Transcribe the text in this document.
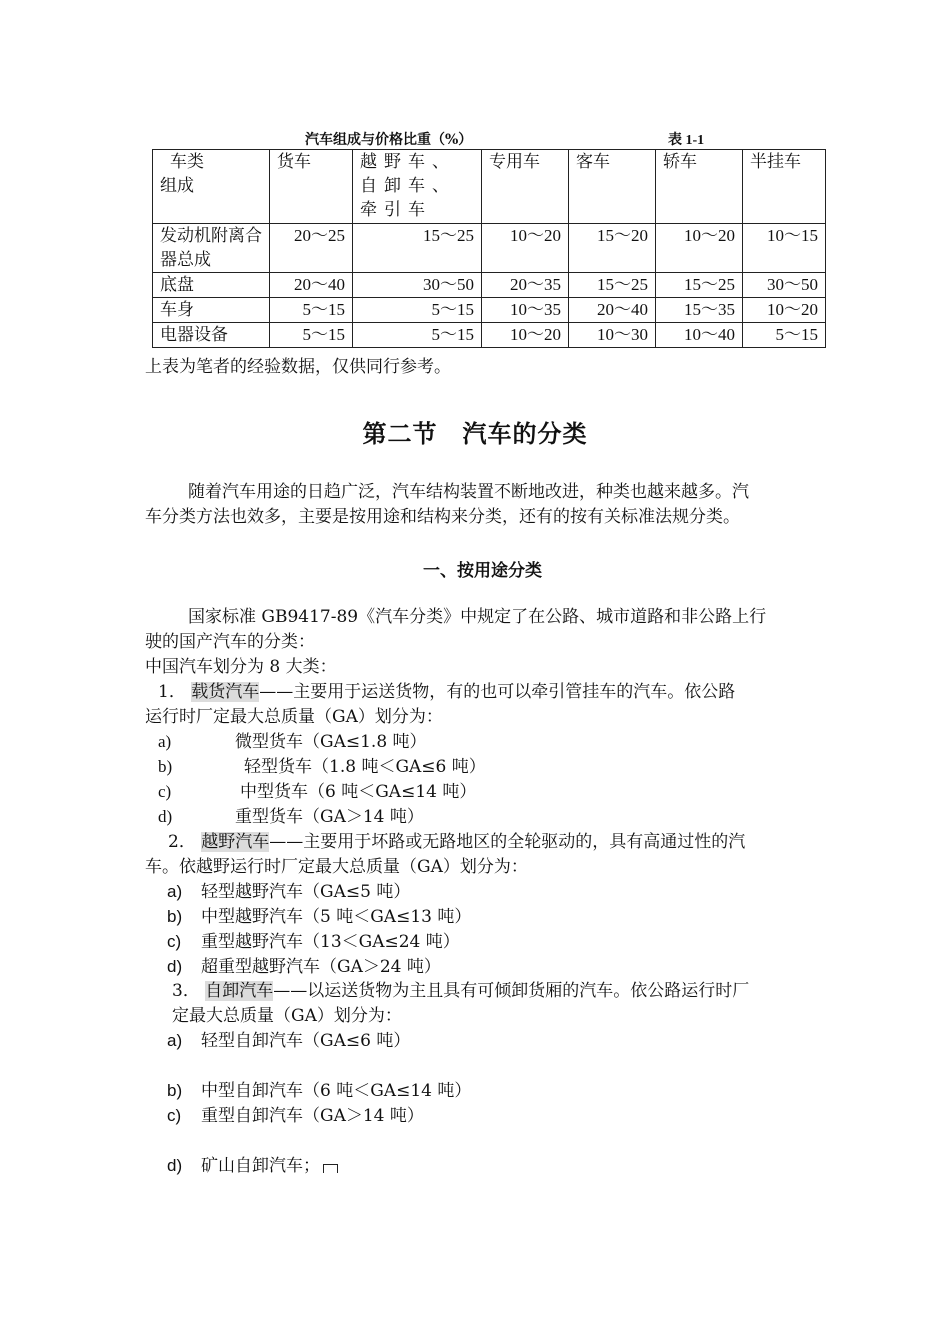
汽车组成与价格比重（%）	表 1-1
车类
组成	货车	越野车、自卸车、牵引车	专用车	客车	轿车	半挂车
发动机附离合器总成	20～25	15～25	10～20	15～20	10～20	10～15
底盘	20～40	30～50	20～35	15～25	15～25	30～50
车身	5～15	5～15	10～35	20～40	15～35	10～20
电器设备	5～15	5～15	10～20	10～30	10～40	5～15
上表为笔者的经验数据，仅供同行参考。
第二节　汽车的分类
随着汽车用途的日趋广泛，汽车结构装置不断地改进，种类也越来越多。汽
车分类方法也效多，主要是按用途和结构来分类，还有的按有关标准法规分类。
一、按用途分类
国家标准 GB9417-89《汽车分类》中规定了在公路、城市道路和非公路上行
驶的国产汽车的分类：
中国汽车划分为 8 大类：
1． 载货汽车——主要用于运送货物，有的也可以牵引管挂车的汽车。依公路
运行时厂定最大总质量（GA）划分为：
a)	微型货车（GA≤1.8 吨）
b)	轻型货车（1.8 吨＜GA≤6 吨）
c)	中型货车（6 吨＜GA≤14 吨）
d)	重型货车（GA＞14 吨）
2． 越野汽车——主要用于坏路或无路地区的全轮驱动的，具有高通过性的汽
车。依越野运行时厂定最大总质量（GA）划分为：
a) 轻型越野汽车（GA≤5 吨）
b) 中型越野汽车（5 吨＜GA≤13 吨）
c) 重型越野汽车（13＜GA≤24 吨）
d) 超重型越野汽车（GA＞24 吨）
3． 自卸汽车——以运送货物为主且具有可倾卸货厢的汽车。依公路运行时厂
定最大总质量（GA）划分为：
a) 轻型自卸汽车（GA≤6 吨）
b) 中型自卸汽车（6 吨＜GA≤14 吨）
c) 重型自卸汽车（GA＞14 吨）
d) 矿山自卸汽车；
